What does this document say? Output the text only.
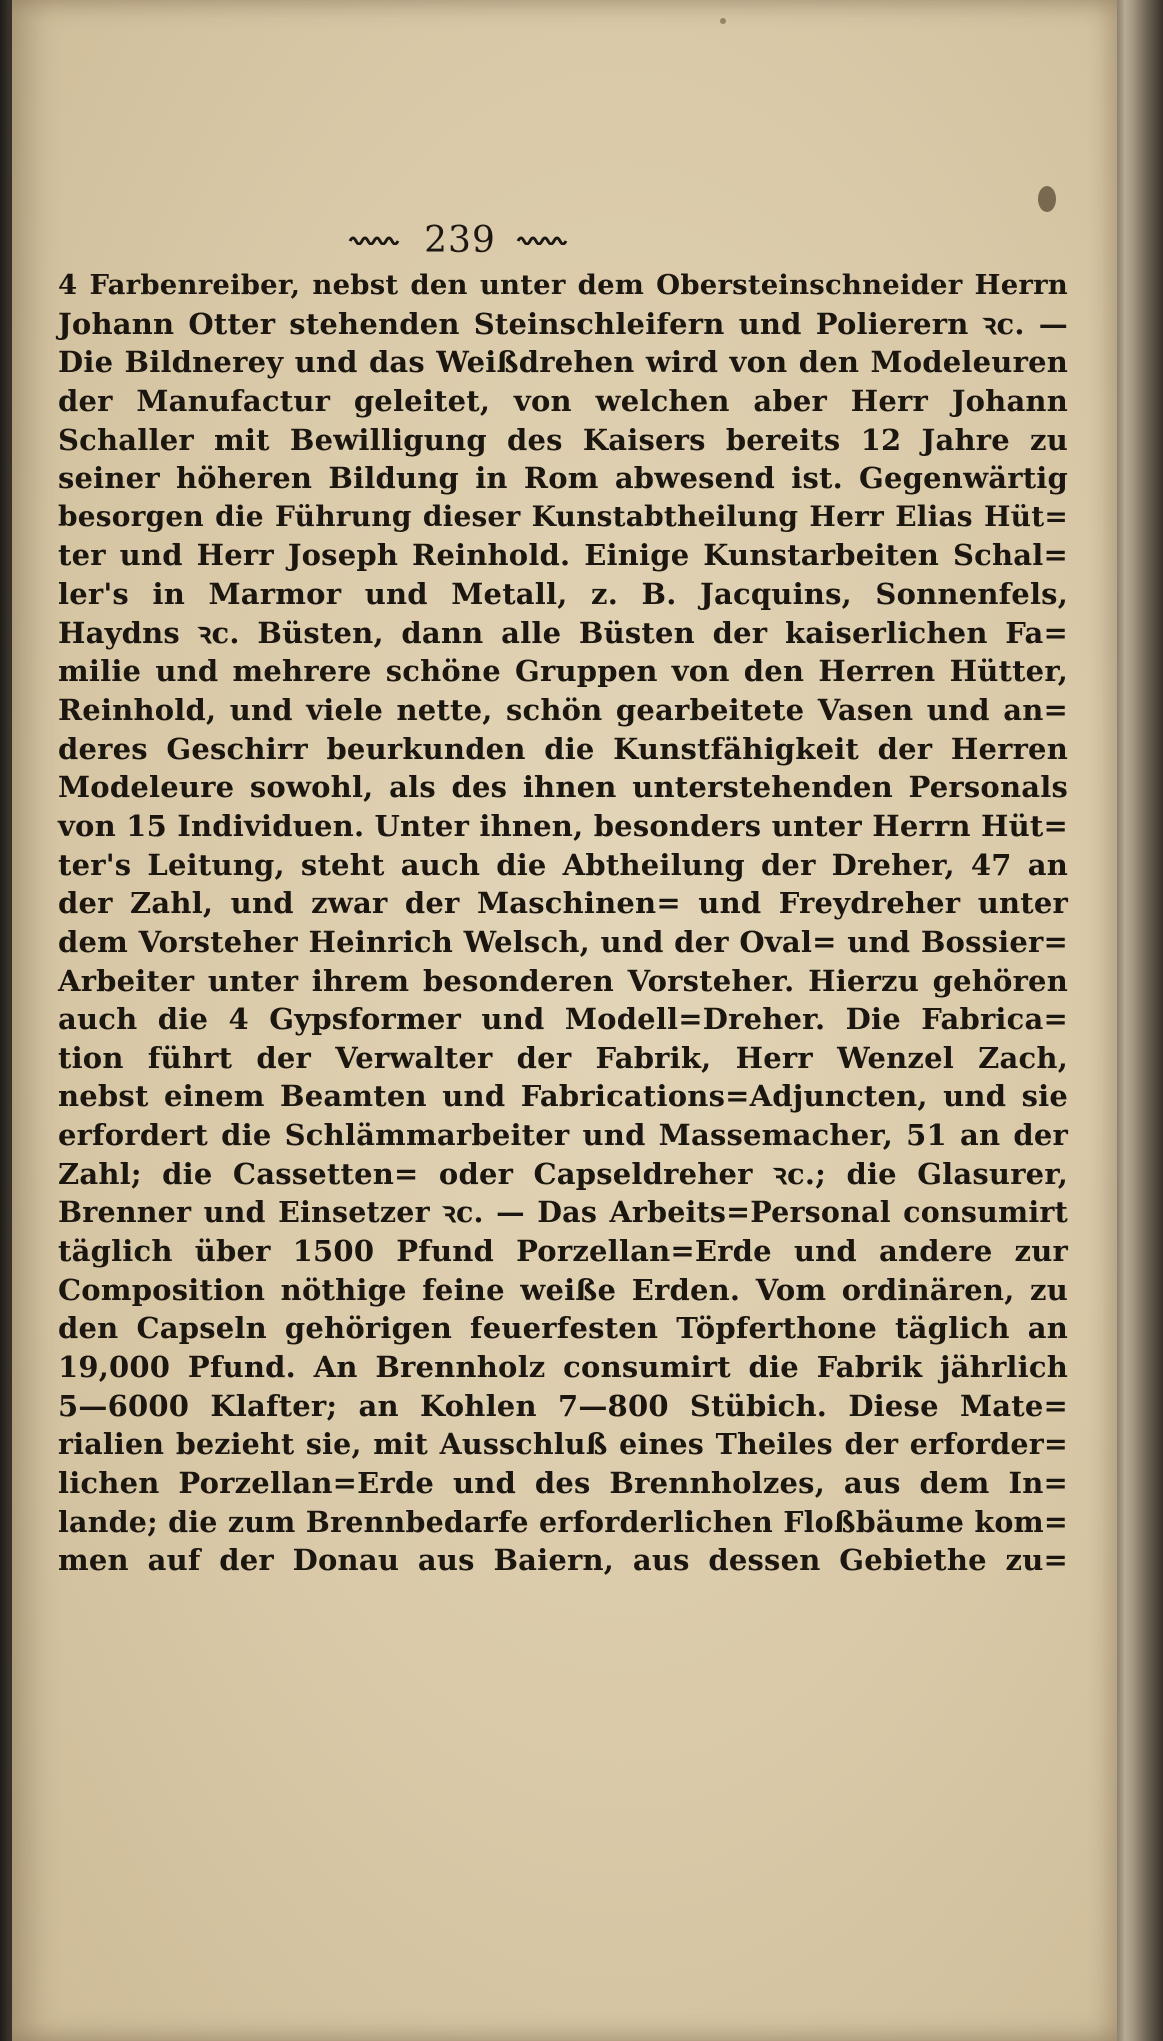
239
4 Farbenreiber, nebst den unter dem Obersteinschneider Herrn
Johann Otter stehenden Steinschleifern und Polierern ꝛc. —
Die Bildnerey und das Weißdrehen wird von den Modeleuren
der Manufactur geleitet, von welchen aber Herr Johann
Schaller mit Bewilligung des Kaisers bereits 12 Jahre zu
seiner höheren Bildung in Rom abwesend ist. Gegenwärtig
besorgen die Führung dieser Kunstabtheilung Herr Elias Hüt=
ter und Herr Joseph Reinhold. Einige Kunstarbeiten Schal=
ler's in Marmor und Metall, z. B. Jacquins, Sonnenfels,
Haydns ꝛc. Büsten, dann alle Büsten der kaiserlichen Fa=
milie und mehrere schöne Gruppen von den Herren Hütter,
Reinhold, und viele nette, schön gearbeitete Vasen und an=
deres Geschirr beurkunden die Kunstfähigkeit der Herren
Modeleure sowohl, als des ihnen unterstehenden Personals
von 15 Individuen. Unter ihnen, besonders unter Herrn Hüt=
ter's Leitung, steht auch die Abtheilung der Dreher, 47 an
der Zahl, und zwar der Maschinen= und Freydreher unter
dem Vorsteher Heinrich Welsch, und der Oval= und Bossier=
Arbeiter unter ihrem besonderen Vorsteher. Hierzu gehören
auch die 4 Gypsformer und Modell=Dreher. Die Fabrica=
tion führt der Verwalter der Fabrik, Herr Wenzel Zach,
nebst einem Beamten und Fabrications=Adjuncten, und sie
erfordert die Schlämmarbeiter und Massemacher, 51 an der
Zahl; die Cassetten= oder Capseldreher ꝛc.; die Glasurer,
Brenner und Einsetzer ꝛc. — Das Arbeits=Personal consumirt
täglich über 1500 Pfund Porzellan=Erde und andere zur
Composition nöthige feine weiße Erden. Vom ordinären, zu
den Capseln gehörigen feuerfesten Töpferthone täglich an
19,000 Pfund. An Brennholz consumirt die Fabrik jährlich
5—6000 Klafter; an Kohlen 7—800 Stübich. Diese Mate=
rialien bezieht sie, mit Ausschluß eines Theiles der erforder=
lichen Porzellan=Erde und des Brennholzes, aus dem In=
lande; die zum Brennbedarfe erforderlichen Floßbäume kom=
men auf der Donau aus Baiern, aus dessen Gebiethe zu=
